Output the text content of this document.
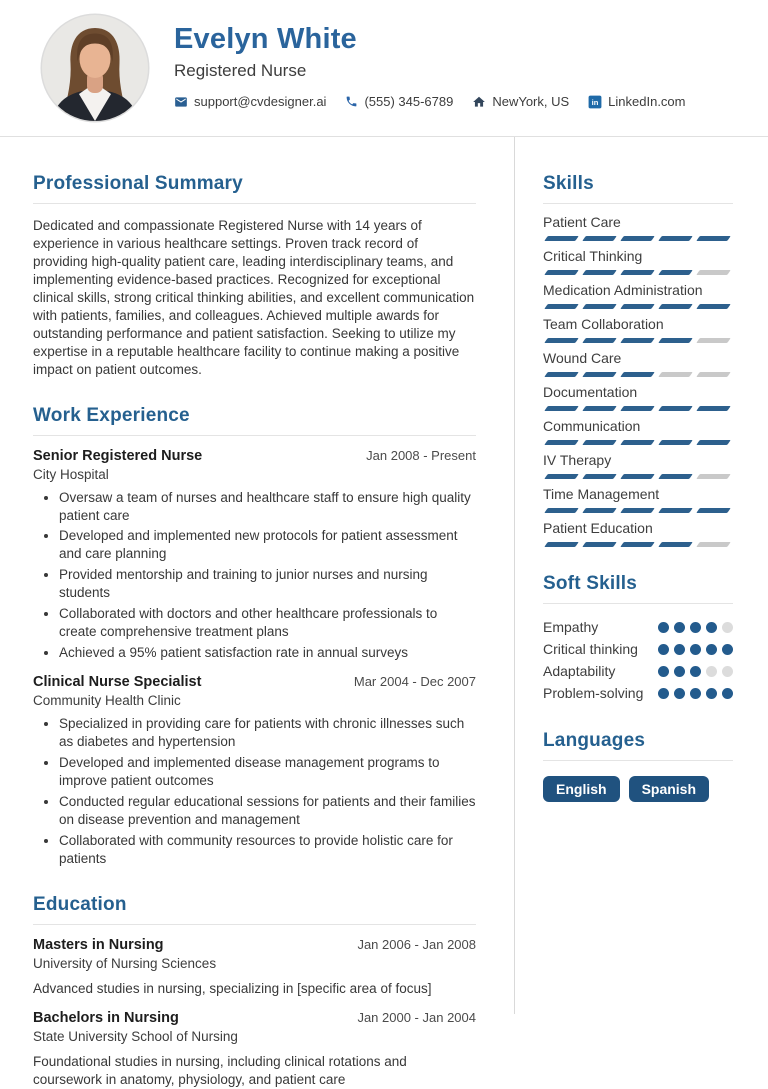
Evelyn White
Registered Nurse
support@cvdesigner.ai	(555) 345-6789	NewYork, US in LinkedIn.com
Professional Summary

Dedicated and compassionate Registered Nurse with 14 years of experience in various healthcare settings. Proven track record of providing high-quality patient care, leading interdisciplinary teams, and implementing evidence-based practices. Recognized for exceptional clinical skills, strong critical thinking abilities, and excellent communication with patients, families, and colleagues. Achieved multiple awards for outstanding performance and patient satisfaction. Seeking to utilize my expertise in a reputable healthcare facility to continue making a positive impact on patient outcomes.

Work Experience
Senior Registered Nurse	Jan 2008 - Present
City Hospital
• Oversaw a team of nurses and healthcare staff to ensure high quality patient care
• Developed and implemented new protocols for patient assessment and care planning
• Provided mentorship and training to junior nurses and nursing students
• Collaborated with doctors and other healthcare professionals to create comprehensive treatment plans
• Achieved a 95% patient satisfaction rate in annual surveys
Clinical Nurse Specialist	Mar 2004 - Dec 2007
Community Health Clinic
• Specialized in providing care for patients with chronic illnesses such as diabetes and hypertension
• Developed and implemented disease management programs to improve patient outcomes
• Conducted regular educational sessions for patients and their families on disease prevention and management
• Collaborated with community resources to provide holistic care for patients
Education
Masters in Nursing	Jan 2006 - Jan 2008
University of Nursing Sciences
Advanced studies in nursing, specializing in [specific area of focus]
Bachelors in Nursing	Jan 2000 - Jan 2004
State University School of Nursing
Foundational studies in nursing, including clinical rotations and coursework in anatomy, physiology, and patient care
Skills
Patient Care
Critical Thinking
Medication Administration
Team Collaboration
Wound Care
Documentation
Communication
IV Therapy
Time Management
Patient Education
Soft Skills
Empathy
Critical thinking
Adaptability
Problem-solving
Languages
English	Spanish
